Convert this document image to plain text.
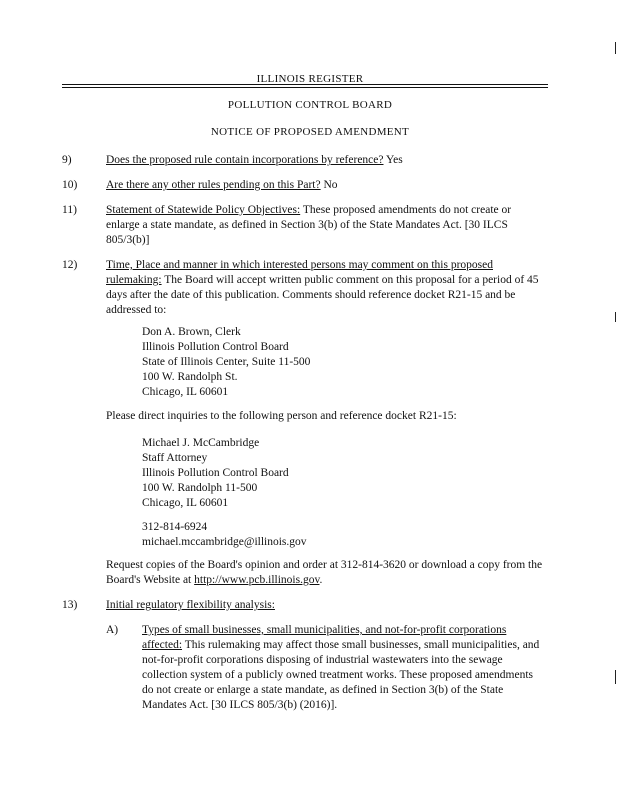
ILLINOIS REGISTER
POLLUTION CONTROL BOARD
NOTICE OF PROPOSED AMENDMENT
9)	Does the proposed rule contain incorporations by reference? Yes
10) Are there any other rules pending on this Part? No
11)	Statement of Statewide Policy Objectives: These proposed amendments do not create or enlarge a state mandate, as defined in Section 3(b) of the State Mandates Act. [30 ILCS 805/3(b)]
12) Time, Place and manner in which interested persons may comment on this proposed rulemaking: The Board will accept written public comment on this proposal for a period of 45 days after the date of this publication. Comments should reference docket R21-15 and be addressed to:
Don A. Brown, Clerk
Illinois Pollution Control Board
State of Illinois Center, Suite 11-500
100 W. Randolph St.
Chicago, IL 60601
Please direct inquiries to the following person and reference docket R21-15:
Michael J. McCambridge
Staff Attorney
Illinois Pollution Control Board
100 W. Randolph 11-500
Chicago, IL 60601
312-814-6924
michael.mccambridge@illinois.gov
Request copies of the Board's opinion and order at 312-814-3620 or download a copy from the Board's Website at http://www.pcb.illinois.gov.
13) Initial regulatory flexibility analysis:
A) Types of small businesses, small municipalities, and not-for-profit corporations affected: This rulemaking may affect those small businesses, small municipalities, and not-for-profit corporations disposing of industrial wastewaters into the sewage collection system of a publicly owned treatment works. These proposed amendments do not create or enlarge a state mandate, as defined in Section 3(b) of the State Mandates Act. [30 ILCS 805/3(b) (2016)].
